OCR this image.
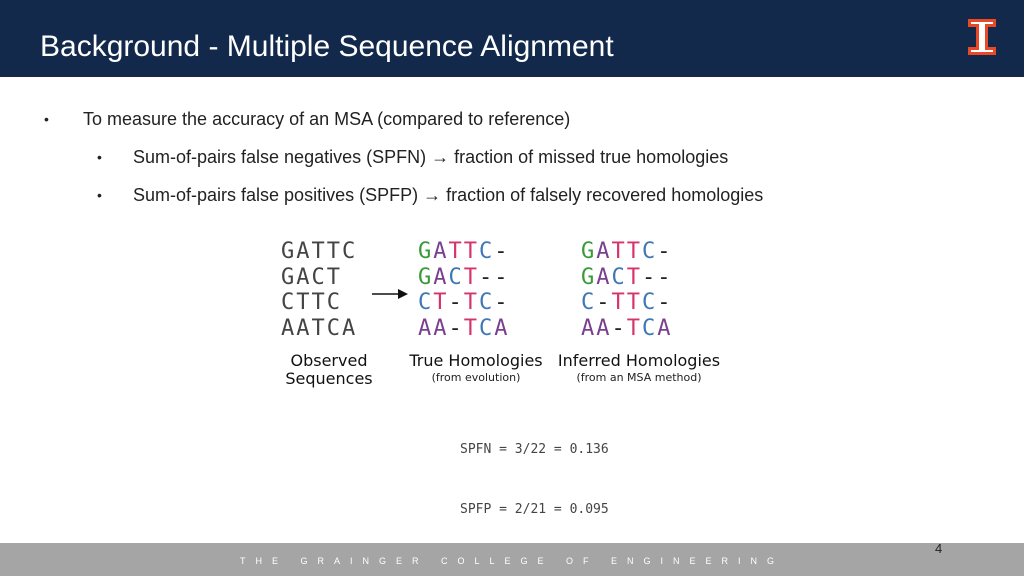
Background - Multiple Sequence Alignment
• To measure the accuracy of an MSA (compared to reference)
• Sum-of-pairs false negatives (SPFN) → fraction of missed true homologies
• Sum-of-pairs false positives (SPFP) → fraction of falsely recovered homologies
GATTC
GACT
CTTC
AATCA
GATTC-
GACT--
CT-TC-
AA-TCA
GATTC-
GACT--
C-TTC-
AA-TCA
Observed
Sequences
True Homologies
(from evolution)
Inferred Homologies
(from an MSA method)

SPFN = 3/22 = 0.136

SPFP = 2/21 = 0.095

THE GRAINGER COLLEGE OF ENGINEERING
4
